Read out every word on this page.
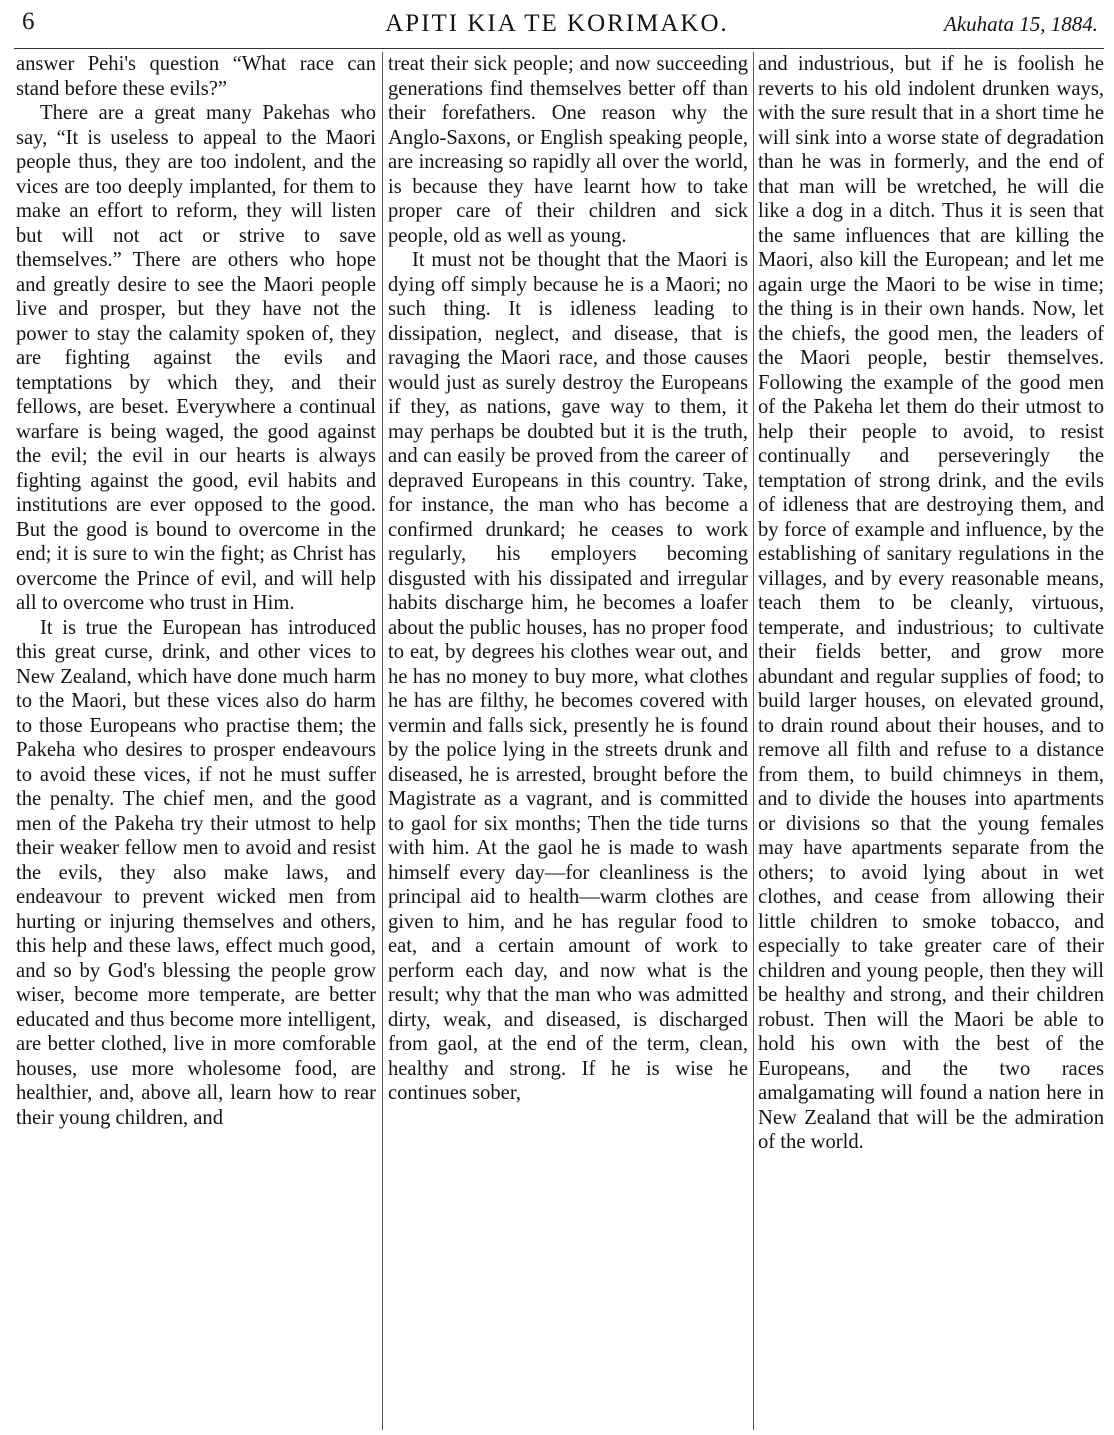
6	APITI KIA TE KORIMAKO.	Akuhata 15, 1884.

answer Pehi's question “What race can stand before these evils?”

There are a great many Pakehas who say, “It is useless to appeal to the Maori people thus, they are too indolent, and the vices are too deeply implanted, for them to make an effort to reform, they will listen but will not act or strive to save themselves.” There are others who hope and greatly desire to see the Maori people live and prosper, but they have not the power to stay the calamity spoken of, they are fighting against the evils and temptations by which they, and their fellows, are beset. Everywhere a continual warfare is being waged, the good against the evil; the evil in our hearts is always fighting against the good, evil habits and institutions are ever opposed to the good. But the good is bound to overcome in the end; it is sure to win the fight; as Christ has overcome the Prince of evil, and will help all to overcome who trust in Him.

It is true the European has introduced this great curse, drink, and other vices to New Zealand, which have done much harm to the Maori, but these vices also do harm to those Europeans who practise them; the Pakeha who desires to prosper endeavours to avoid these vices, if not he must suffer the penalty. The chief men, and the good men of the Pakeha try their utmost to help their weaker fellow men to avoid and resist the evils, they also make laws, and endeavour to prevent wicked men from hurting or injuring themselves and others, this help and these laws, effect much good, and so by God's blessing the people grow wiser, become more temperate, are better educated and thus become more intelligent, are better clothed, live in more comforable houses, use more wholesome food, are healthier, and, above all, learn how to rear their young children, and

treat their sick people; and now succeeding generations find themselves better off than their forefathers. One reason why the Anglo-Saxons, or English speaking people, are increasing so rapidly all over the world, is because they have learnt how to take proper care of their children and sick people, old as well as young.

It must not be thought that the Maori is dying off simply because he is a Maori; no such thing. It is idleness leading to dissipation, neglect, and disease, that is ravaging the Maori race, and those causes would just as surely destroy the Europeans if they, as nations, gave way to them, it may perhaps be doubted but it is the truth, and can easily be proved from the career of depraved Europeans in this country. Take, for instance, the man who has become a confirmed drunkard; he ceases to work regularly, his employers becoming disgusted with his dissipated and irregular habits discharge him, he becomes a loafer about the public houses, has no proper food to eat, by degrees his clothes wear out, and he has no money to buy more, what clothes he has are filthy, he becomes covered with vermin and falls sick, presently he is found by the police lying in the streets drunk and diseased, he is arrested, brought before the Magistrate as a vagrant, and is committed to gaol for six months; Then the tide turns with him. At the gaol he is made to wash himself every day—for cleanliness is the principal aid to health—warm clothes are given to him, and he has regular food to eat, and a certain amount of work to perform each day, and now what is the result; why that the man who was admitted dirty, weak, and diseased, is discharged from gaol, at the end of the term, clean, healthy and strong. If he is wise he continues sober,

and industrious, but if he is foolish he reverts to his old indolent drunken ways, with the sure result that in a short time he will sink into a worse state of degradation than he was in formerly, and the end of that man will be wretched, he will die like a dog in a ditch. Thus it is seen that the same influences that are killing the Maori, also kill the European; and let me again urge the Maori to be wise in time; the thing is in their own hands. Now, let the chiefs, the good men, the leaders of the Maori people, bestir themselves. Following the example of the good men of the Pakeha let them do their utmost to help their people to avoid, to resist continually and perseveringly the temptation of strong drink, and the evils of idleness that are destroying them, and by force of example and influence, by the establishing of sanitary regulations in the villages, and by every reasonable means, teach them to be cleanly, virtuous, temperate, and industrious; to cultivate their fields better, and grow more abundant and regular supplies of food; to build larger houses, on elevated ground, to drain round about their houses, and to remove all filth and refuse to a distance from them, to build chimneys in them, and to divide the houses into apartments or divisions so that the young females may have apartments separate from the others; to avoid lying about in wet clothes, and cease from allowing their little children to smoke tobacco, and especially to take greater care of their children and young people, then they will be healthy and strong, and their children robust. Then will the Maori be able to hold his own with the best of the Europeans, and the two races amalgamating will found a nation here in New Zealand that will be the admiration of the world.
